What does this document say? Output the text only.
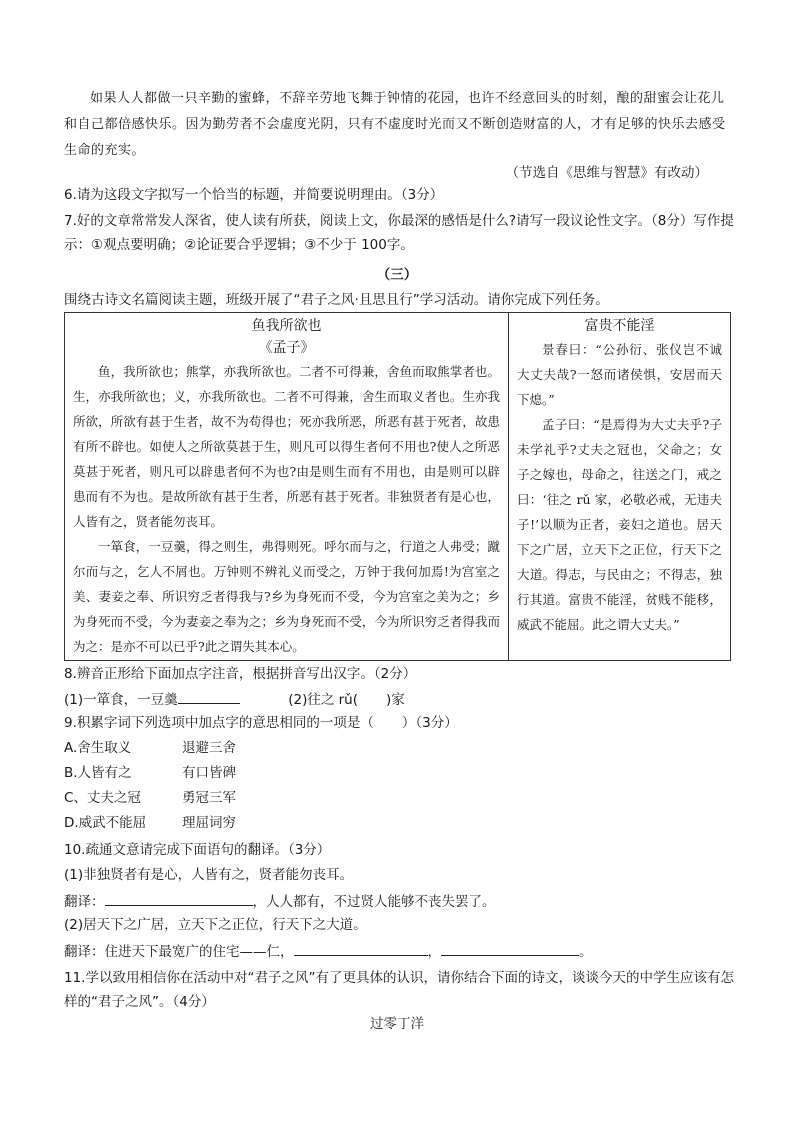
如果人人都做一只辛勤的蜜蜂，不辞辛劳地飞舞于钟情的花园，也许不经意回头的时刻，酿的甜蜜会让花儿和自己都倍感快乐。因为勤劳者不会虚度光阴，只有不虚度时光而又不断创造财富的人，才有足够的快乐去感受生命的充实。
（节选自《思维与智慧》有改动）
6.请为这段文字拟写一个恰当的标题，并简要说明理由。（3分）
7.好的文章常常发人深省，使人读有所获，阅读上文，你最深的感悟是什么?请写一段议论性文字。（8分）写作提示：①观点要明确；②论证要合乎逻辑；③不少于 100字。
（三）
围绕古诗文名篇阅读主题，班级开展了“君子之风·且思且行”学习活动。请你完成下列任务。
鱼我所欲也
《孟子》

鱼，我所欲也；熊掌，亦我所欲也。二者不可得兼，舍鱼而取熊掌者也。生，亦我所欲也；义，亦我所欲也。二者不可得兼，舍生而取义者也。生亦我所欲，所欲有甚于生者，故不为苟得也；死亦我所恶，所恶有甚于死者，故患有所不辟也。如使人之所欲莫甚于生，则凡可以得生者何不用也?使人之所恶莫甚于死者，则凡可以辟患者何不为也?由是则生而有不用也，由是则可以辟患而有不为也。是故所欲有甚于生者，所恶有甚于死者。非独贤者有是心也，人皆有之，贤者能勿丧耳。

一箪食，一豆羹，得之则生，弗得则死。呼尔而与之，行道之人弗受；蹴尔而与之，乞人不屑也。万钟则不辨礼义而受之，万钟于我何加焉!为宫室之美、妻妾之奉、所识穷乏者得我与?乡为身死而不受，今为宫室之美为之；乡为身死而不受，今为妻妾之奉为之；乡为身死而不受，今为所识穷乏者得我而为之：是亦不可以已乎?此之谓失其本心。

富贵不能淫

景春曰：“公孙衍、张仪岂不诚大丈夫哉?一怒而诸侯惧，安居而天下熄。”

孟子曰：“是焉得为大丈夫乎?子未学礼乎?丈夫之冠也，父命之；女子之嫁也，母命之，往送之门，戒之曰：‘往之 rǔ 家，必敬必戒，无违夫子!’以顺为正者，妾妇之道也。居天下之广居，立天下之正位，行天下之大道。得志，与民由之；不得志，独行其道。富贵不能淫，贫贱不能移，威武不能屈。此之谓大丈夫。”

8.辨音正形给下面加点字注音，根据拼音写出汉字。（2分）
(1)一箪食，一豆羹	(2)往之 rǔ( )家
9.积累字词下列选项中加点字的意思相同的一项是（ ）（3分）
A.舍生取义	退避三舍
B.人皆有之	有口皆碑
C、丈夫之冠	勇冠三军
D.威武不能屈	理屈词穷
10.疏通文意请完成下面语句的翻译。（3分）
(1)非独贤者有是心，人皆有之，贤者能勿丧耳。
翻译：	，人人都有，不过贤人能够不丧失罢了。
(2)居天下之广居，立天下之正位，行天下之大道。
翻译：住进天下最宽广的住宅——仁，	，	。
11.学以致用相信你在活动中对“君子之风”有了更具体的认识，请你结合下面的诗文，谈谈今天的中学生应该有怎样的“君子之风”。（4分）
过零丁洋
